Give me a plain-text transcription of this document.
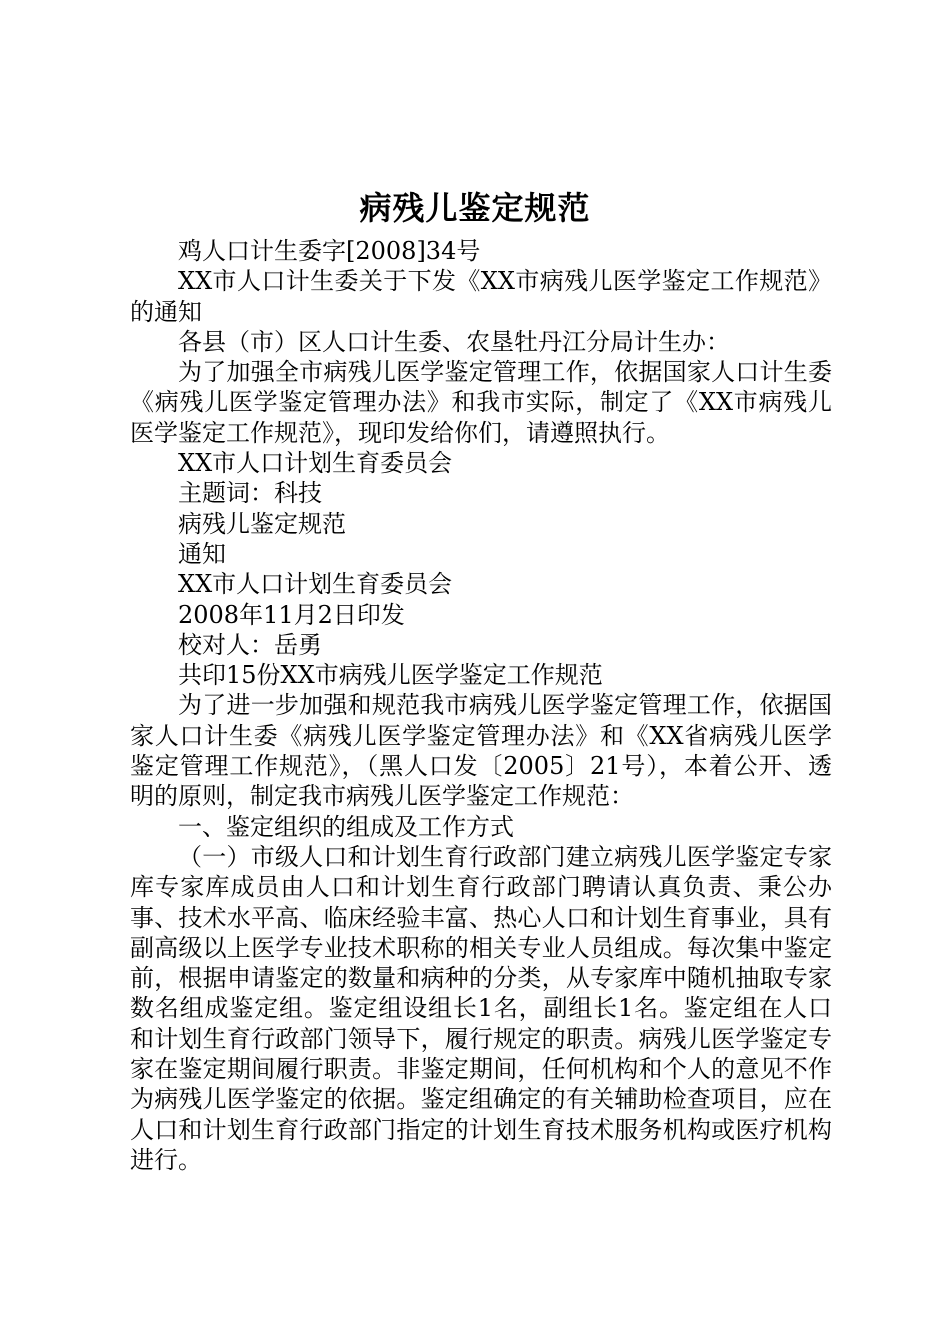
病残儿鉴定规范

鸡人口计生委字[2008]34号

XX市人口计生委关于下发《XX市病残儿医学鉴定工作规范》的通知

各县（市）区人口计生委、农垦牡丹江分局计生办：

为了加强全市病残儿医学鉴定管理工作，依据国家人口计生委《病残儿医学鉴定管理办法》和我市实际，制定了《XX市病残儿医学鉴定工作规范》，现印发给你们，请遵照执行。

XX市人口计划生育委员会

主题词：科技

病残儿鉴定规范

通知

XX市人口计划生育委员会

2008年11月2日印发

校对人：岳勇

共印15份XX市病残儿医学鉴定工作规范

为了进一步加强和规范我市病残儿医学鉴定管理工作，依据国家人口计生委《病残儿医学鉴定管理办法》和《XX省病残儿医学鉴定管理工作规范》，（黑人口发〔2005〕21号），本着公开、透明的原则，制定我市病残儿医学鉴定工作规范：

一、鉴定组织的组成及工作方式

（一）市级人口和计划生育行政部门建立病残儿医学鉴定专家库专家库成员由人口和计划生育行政部门聘请认真负责、秉公办事、技术水平高、临床经验丰富、热心人口和计划生育事业，具有副高级以上医学专业技术职称的相关专业人员组成。每次集中鉴定前，根据申请鉴定的数量和病种的分类，从专家库中随机抽取专家数名组成鉴定组。鉴定组设组长1名，副组长1名。鉴定组在人口和计划生育行政部门领导下，履行规定的职责。病残儿医学鉴定专家在鉴定期间履行职责。非鉴定期间，任何机构和个人的意见不作为病残儿医学鉴定的依据。鉴定组确定的有关辅助检查项目，应在人口和计划生育行政部门指定的计划生育技术服务机构或医疗机构进行。
